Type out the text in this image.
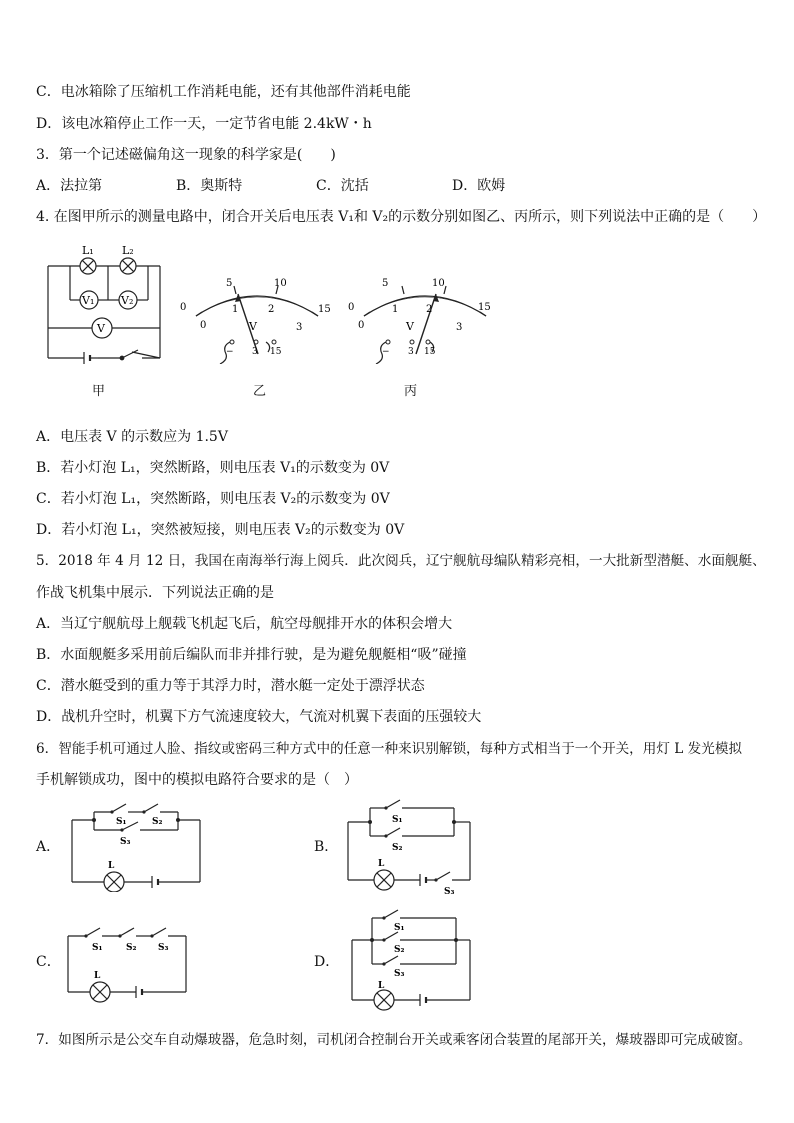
C．电冰箱除了压缩机工作消耗电能，还有其他部件消耗电能
D．该电冰箱停止工作一天，一定节省电能 2.4kW・h
3．第一个记述磁偏角这一现象的科学家是(　　)
A．法拉第	B．奥斯特	C．沈括	D．欧姆
4. 在图甲所示的测量电路中，闭合开关后电压表 V₁和 V₂的示数分别如图乙、丙所示，则下列说法中正确的是（　　）
L₁	L₂
V₁ V₂
V
甲
0
5	10
15
0
1	2
3
V
− 3 15
乙
0
5	10
15
0
1	2
3
V
− 3 15
丙
A．电压表 V 的示数应为 1.5V
B．若小灯泡 L₁，突然断路，则电压表 V₁的示数变为 0V
C．若小灯泡 L₁，突然断路，则电压表 V₂的示数变为 0V
D．若小灯泡 L₁，突然被短接，则电压表 V₂的示数变为 0V
5．2018 年 4 月 12 日，我国在南海举行海上阅兵．此次阅兵，辽宁舰航母编队精彩亮相，一大批新型潜艇、水面舰艇、
作战飞机集中展示．下列说法正确的是
A．当辽宁舰航母上舰载飞机起飞后，航空母舰排开水的体积会增大
B．水面舰艇多采用前后编队而非并排行驶，是为避免舰艇相“吸”碰撞
C．潜水艇受到的重力等于其浮力时，潜水艇一定处于漂浮状态
D．战机升空时，机翼下方气流速度较大，气流对机翼下表面的压强较大
6．智能手机可通过人脸、指纹或密码三种方式中的任意一种来识别解锁，每种方式相当于一个开关，用灯 L 发光模拟
手机解锁成功，图中的模拟电路符合要求的是（　）
A．
S₁	S₂
S₃
L
B．
S₁
S₂
S₃
L
C．
S₁	S₂ S₃
L
D．
S₁
S₂
S₃
L
7．如图所示是公交车自动爆玻器，危急时刻，司机闭合控制台开关或乘客闭合装置的尾部开关，爆玻器即可完成破窗。
